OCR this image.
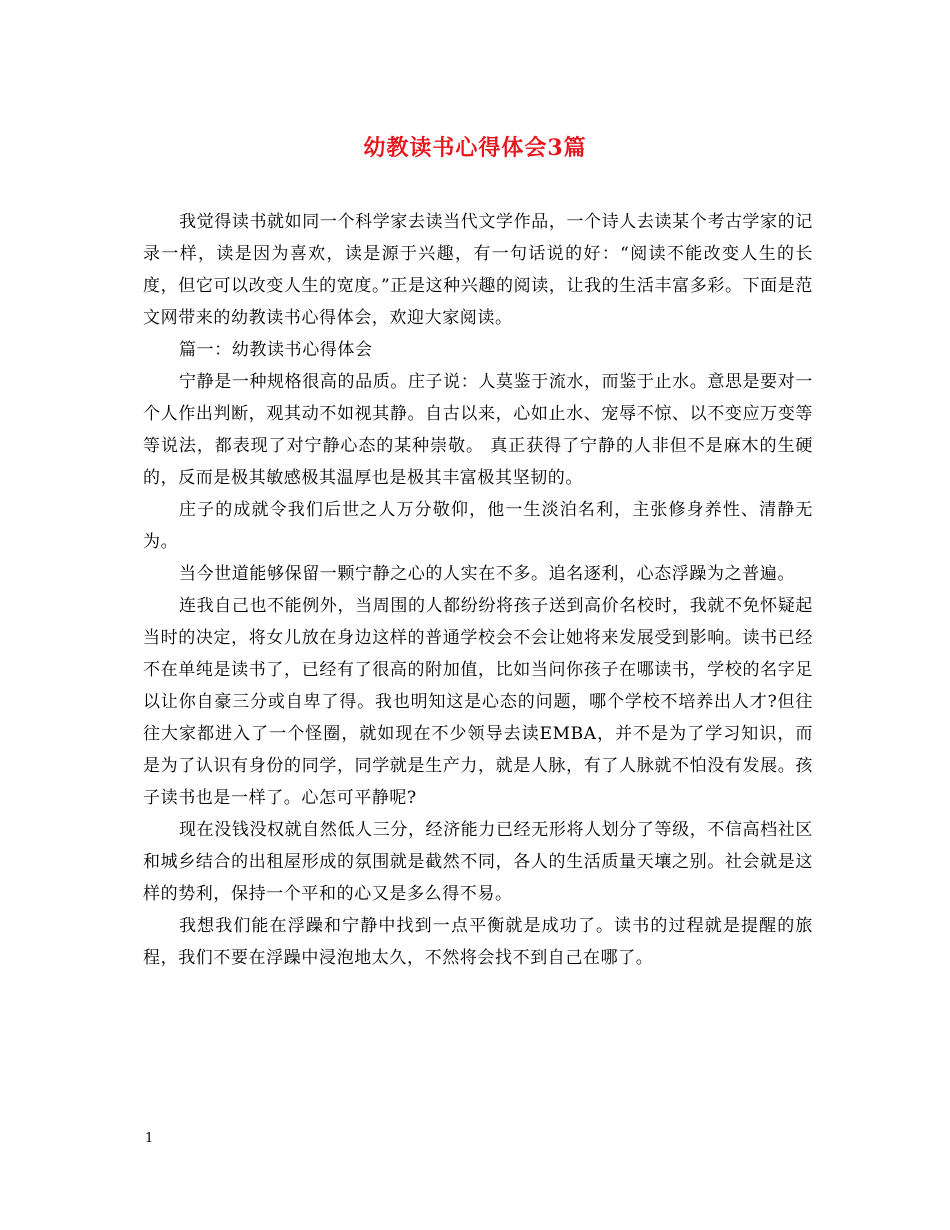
幼教读书心得体会3篇

我觉得读书就如同一个科学家去读当代文学作品，一个诗人去读某个考古学家的记录一样，读是因为喜欢，读是源于兴趣，有一句话说的好：“阅读不能改变人生的长度，但它可以改变人生的宽度。”正是这种兴趣的阅读，让我的生活丰富多彩。下面是范文网带来的幼教读书心得体会，欢迎大家阅读。

篇一：幼教读书心得体会

宁静是一种规格很高的品质。庄子说：人莫鉴于流水，而鉴于止水。意思是要对一个人作出判断，观其动不如视其静。自古以来，心如止水、宠辱不惊、以不变应万变等等说法，都表现了对宁静心态的某种崇敬。 真正获得了宁静的人非但不是麻木的生硬的，反而是极其敏感极其温厚也是极其丰富极其坚韧的。

庄子的成就令我们后世之人万分敬仰，他一生淡泊名利，主张修身养性、清静无为。

当今世道能够保留一颗宁静之心的人实在不多。追名逐利，心态浮躁为之普遍。

连我自己也不能例外，当周围的人都纷纷将孩子送到高价名校时，我就不免怀疑起当时的决定，将女儿放在身边这样的普通学校会不会让她将来发展受到影响。读书已经不在单纯是读书了，已经有了很高的附加值，比如当问你孩子在哪读书，学校的名字足以让你自豪三分或自卑了得。我也明知这是心态的问题，哪个学校不培养出人才?但往往大家都进入了一个怪圈，就如现在不少领导去读EMBA，并不是为了学习知识，而是为了认识有身份的同学，同学就是生产力，就是人脉，有了人脉就不怕没有发展。孩子读书也是一样了。心怎可平静呢?

现在没钱没权就自然低人三分，经济能力已经无形将人划分了等级，不信高档社区和城乡结合的出租屋形成的氛围就是截然不同，各人的生活质量天壤之别。社会就是这样的势利，保持一个平和的心又是多么得不易。

我想我们能在浮躁和宁静中找到一点平衡就是成功了。读书的过程就是提醒的旅程，我们不要在浮躁中浸泡地太久，不然将会找不到自己在哪了。

1
